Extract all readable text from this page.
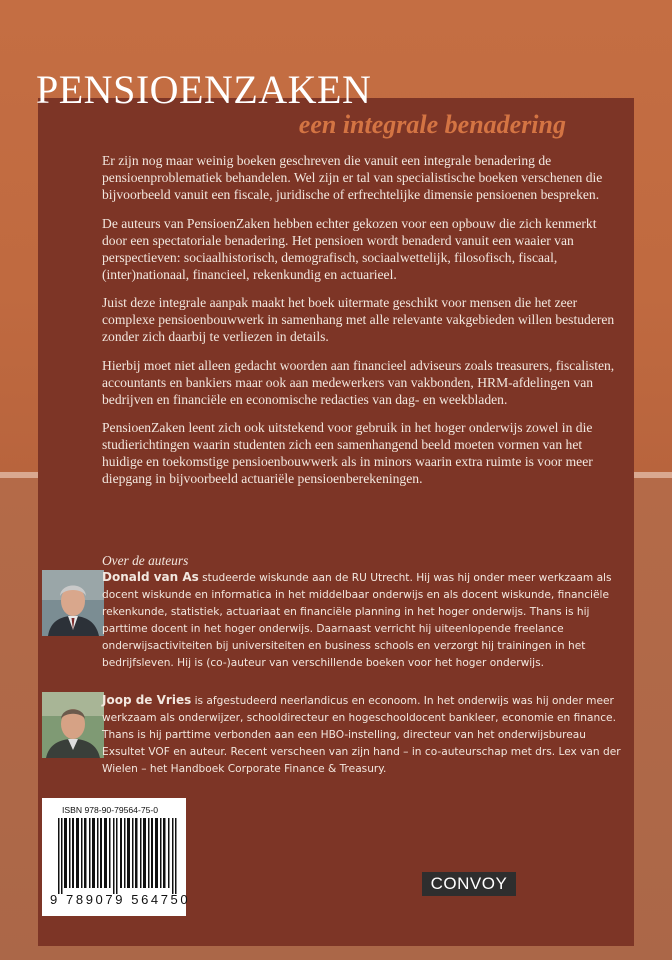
PENSIOENZAKEN
een integrale benadering

Er zijn nog maar weinig boeken geschreven die vanuit een integrale benadering de pensioenproblematiek behandelen. Wel zijn er tal van specialistische boeken verschenen die bijvoorbeeld vanuit een fiscale, juridische of erfrechtelijke dimensie pensioenen bespreken.

De auteurs van PensioenZaken hebben echter gekozen voor een opbouw die zich kenmerkt door een spectatoriale benadering. Het pensioen wordt benaderd vanuit een waaier van perspectieven: sociaalhistorisch, demografisch, sociaalwettelijk, filosofisch, fiscaal, (inter)nationaal, financieel, rekenkundig en actuarieel.

Juist deze integrale aanpak maakt het boek uitermate geschikt voor mensen die het zeer complexe pensioenbouwwerk in samenhang met alle relevante vakgebieden willen bestuderen zonder zich daarbij te verliezen in details.

Hierbij moet niet alleen gedacht woorden aan financieel adviseurs zoals treasurers, fiscalisten, accountants en bankiers maar ook aan medewerkers van vakbonden, HRM-afdelingen van bedrijven en financiële en economische redacties van dag- en weekbladen.

PensioenZaken leent zich ook uitstekend voor gebruik in het hoger onderwijs zowel in die studierichtingen waarin studenten zich een samenhangend beeld moeten vormen van het huidige en toekomstige pensioenbouwwerk als in minors waarin extra ruimte is voor meer diepgang in bijvoorbeeld actuariële pensioenberekeningen.

Over de auteurs
Donald van As studeerde wiskunde aan de RU Utrecht. Hij was hij onder meer werkzaam als docent wiskunde en informatica in het middelbaar onderwijs en als docent wiskunde, financiële rekenkunde, statistiek, actuariaat en financiële planning in het hoger onderwijs. Thans is hij parttime docent in het hoger onderwijs. Daarnaast verricht hij uiteenlopende freelance onderwijsactiviteiten bij universiteiten en business schools en verzorgt hij trainingen in het bedrijfsleven. Hij is (co-)auteur van verschillende boeken voor het hoger onderwijs.
Joop de Vries is afgestudeerd neerlandicus en econoom. In het onderwijs was hij onder meer werkzaam als onderwijzer, schooldirecteur en hogeschooldocent bankleer, economie en finance. Thans is hij parttime verbonden aan een HBO-instelling, directeur van het onderwijsbureau Exsultet VOF en auteur. Recent verscheen van zijn hand – in co-auteurschap met drs. Lex van der Wielen – het Handboek Corporate Finance & Treasury.
ISBN 978-90-79564-75-0
9 789079 564750
CONVOY
